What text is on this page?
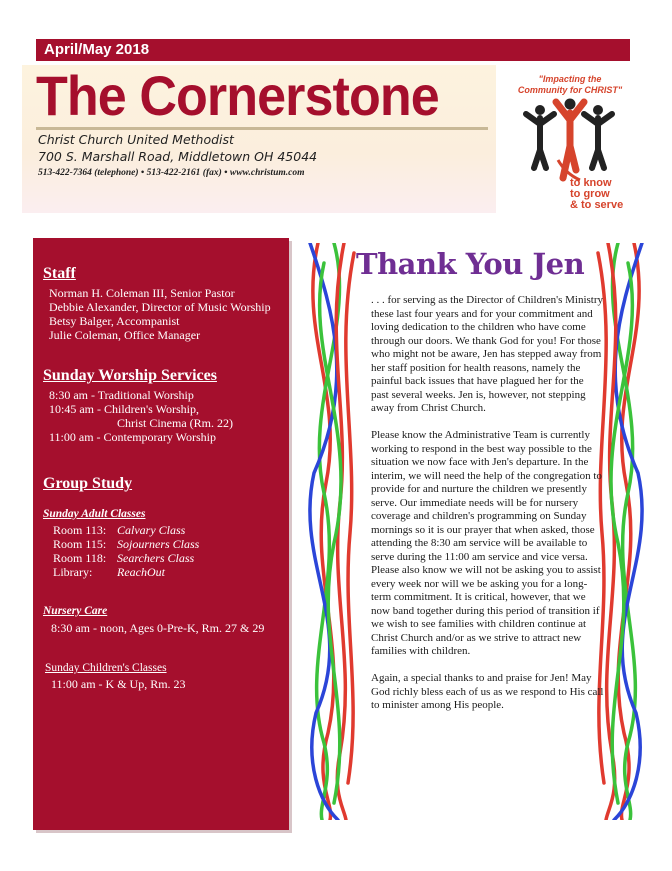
April/May 2018
The Cornerstone
Christ Church United Methodist
700 S. Marshall Road, Middletown OH 45044
513-422-7364 (telephone) • 513-422-2161 (fax) • www.christum.com
"Impacting the
Community for CHRIST"
to know
to grow
& to serve
Staff
Norman H. Coleman III, Senior Pastor
Debbie Alexander, Director of Music Worship
Betsy Balger, Accompanist
Julie Coleman, Office Manager
Sunday Worship Services
8:30 am - Traditional Worship
10:45 am - Children's Worship,
Christ Cinema (Rm. 22)
11:00 am - Contemporary Worship
Group Study
Sunday Adult Classes
Room 113: Calvary Class
Room 115: Sojourners Class
Room 118: Searchers Class
Library: ReachOut
Nursery Care
8:30 am - noon, Ages 0-Pre-K, Rm. 27 & 29
Sunday Children's Classes
11:00 am - K & Up, Rm. 23
Thank You Jen

. . . for serving as the Director of Children's Ministry these last four years and for your commitment and loving dedication to the children who have come through our doors. We thank God for you! For those who might not be aware, Jen has stepped away from her staff position for health reasons, namely the painful back issues that have plagued her for the past several weeks. Jen is, however, not stepping away from Christ Church.

Please know the Administrative Team is currently working to respond in the best way possible to the situation we now face with Jen's departure. In the interim, we will need the help of the congregation to provide for and nurture the children we presently serve. Our immediate needs will be for nursery coverage and children's programming on Sunday mornings so it is our prayer that when asked, those attending the 8:30 am service will be available to serve during the 11:00 am service and vice versa. Please also know we will not be asking you to assist every week nor will we be asking you for a long-term commitment. It is critical, however, that we now band together during this period of transition if we wish to see families with children continue at Christ Church and/or as we strive to attract new families with children.

Again, a special thanks to and praise for Jen! May God richly bless each of us as we respond to His call to minister among His people.
